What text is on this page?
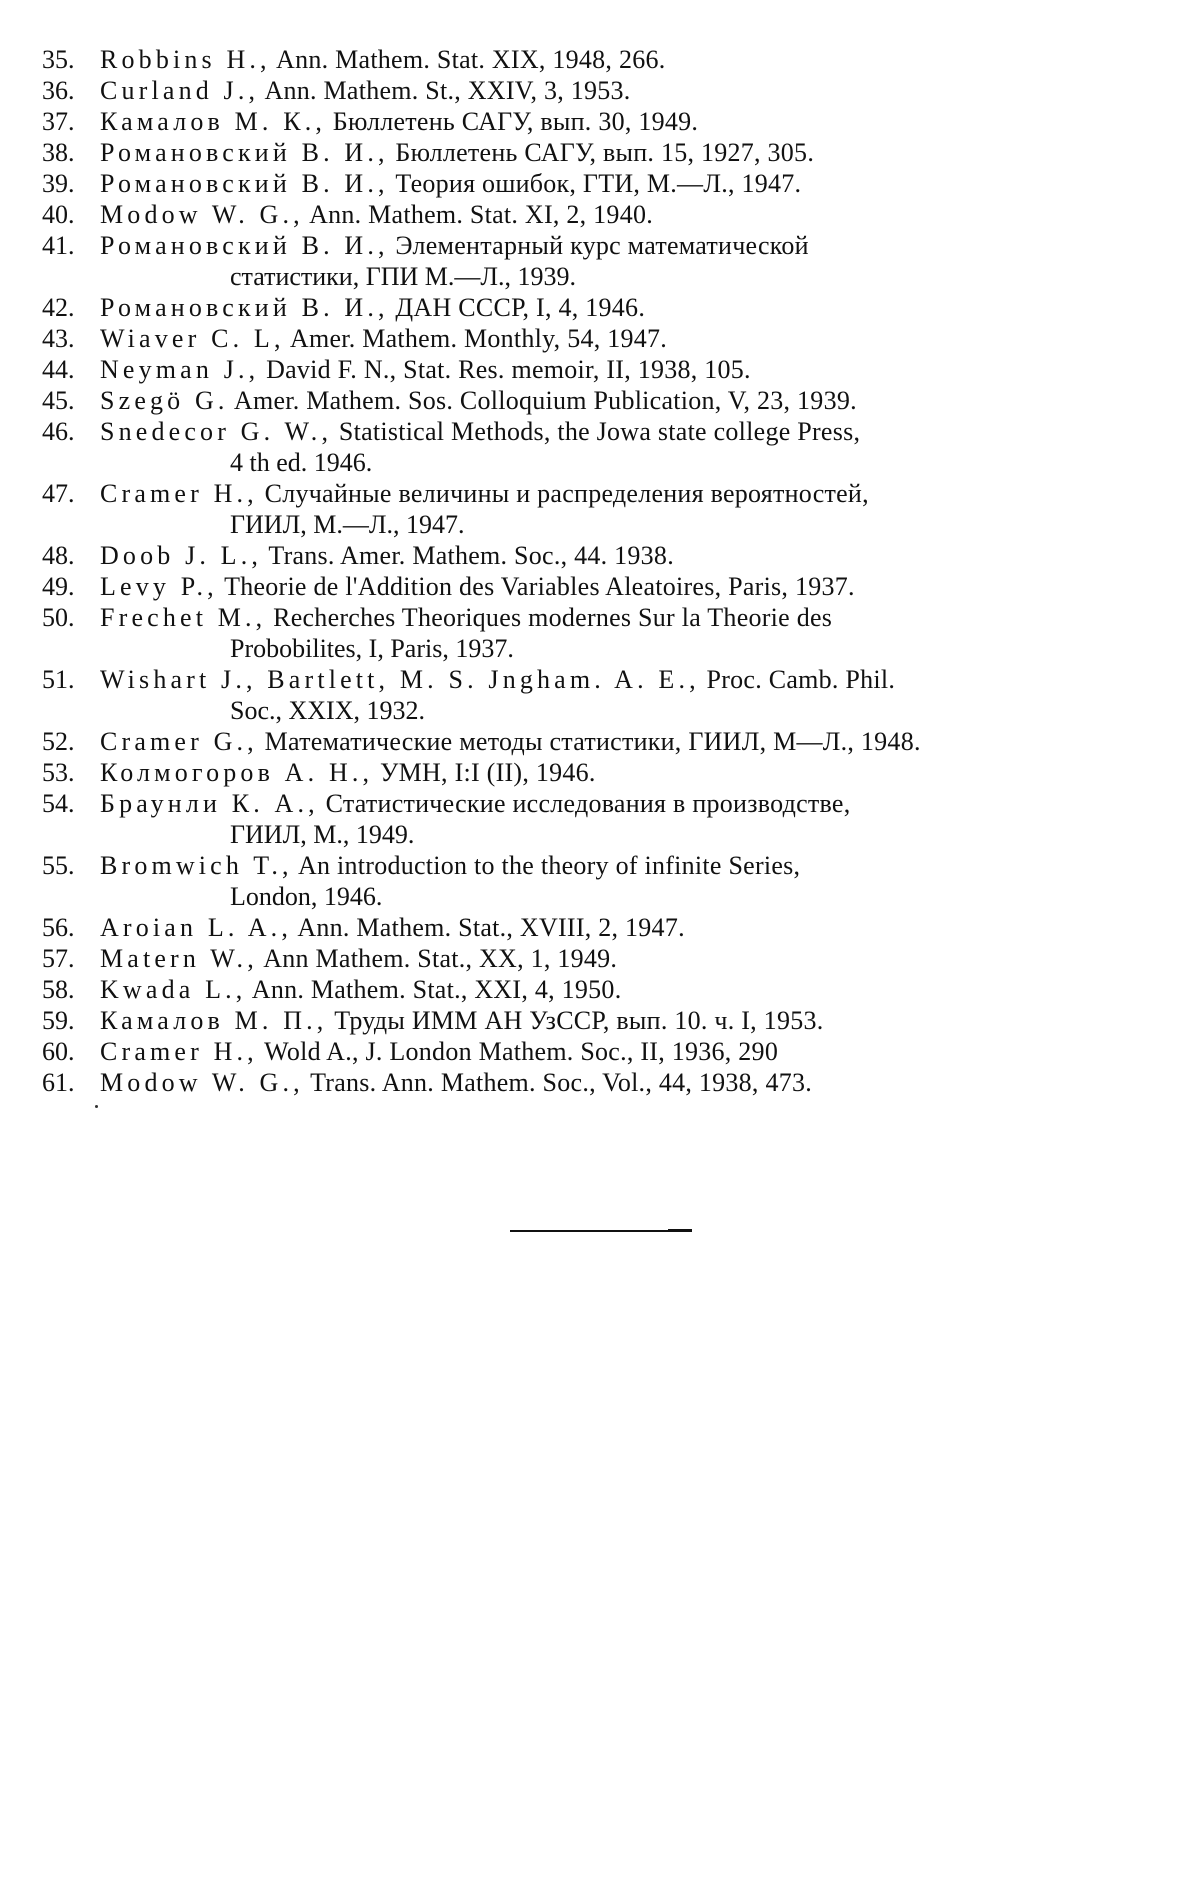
35. Robbins H., Ann. Mathem. Stat. XIX, 1948, 266.
36. Curland J., Ann. Mathem. St., XXIV, 3, 1953.
37. Камалов М. К., Бюллетень САГУ, вып. 30, 1949.
38. Романовский В. И., Бюллетень САГУ, вып. 15, 1927, 305.
39. Романовский В. И., Теория ошибок, ГТИ, М.—Л., 1947.
40. Modow W. G., Ann. Mathem. Stat. XI, 2, 1940.
41. Романовский В. И., Элементарный курс математической
статистики, ГПИ М.—Л., 1939.
42. Романовский В. И., ДАН СССР, I, 4, 1946.
43. Wiaver C. L, Amer. Mathem. Monthly, 54, 1947.
44. Neyman J., David F. N., Stat. Res. memoir, II, 1938, 105.
45. Szegö G. Amer. Mathem. Sos. Colloquium Publication, V, 23, 1939.
46. Snedecor G. W., Statistical Methods, the Jowa state college Press,
4 th ed. 1946.
47. Cramer H., Случайные величины и распределения вероятностей,
ГИИЛ, М.—Л., 1947.
48. Doob J. L., Trans. Amer. Mathem. Soc., 44. 1938.
49. Levy P., Theorie de l'Addition des Variables Aleatoires, Paris, 1937.
50. Frechet M., Recherches Theoriques modernes Sur la Theorie des
Probobilites, I, Paris, 1937.
51. Wishart J., Bartlett, M. S. Jngham. A. E., Proc. Camb. Phil.
Soc., XXIX, 1932.
52. Cramer G., Математические методы статистики, ГИИЛ, М—Л., 1948.
53. Колмогоров А. Н., УМН, I:I (II), 1946.
54. Браунли К. А., Статистические исследования в производстве,
ГИИЛ, М., 1949.
55. Bromwich T., An introduction to the theory of infinite Series,
London, 1946.
56. Aroian L. A., Ann. Mathem. Stat., XVIII, 2, 1947.
57. Matern W., Ann Mathem. Stat., XX, 1, 1949.
58. Kwada L., Ann. Mathem. Stat., XXI, 4, 1950.
59. Камалов М. П., Труды ИММ АН УзССР, вып. 10. ч. I, 1953.
60. Cramer H., Wold A., J. London Mathem. Soc., II, 1936, 290
61. Modow W. G., Trans. Ann. Mathem. Soc., Vol., 44, 1938, 473.
